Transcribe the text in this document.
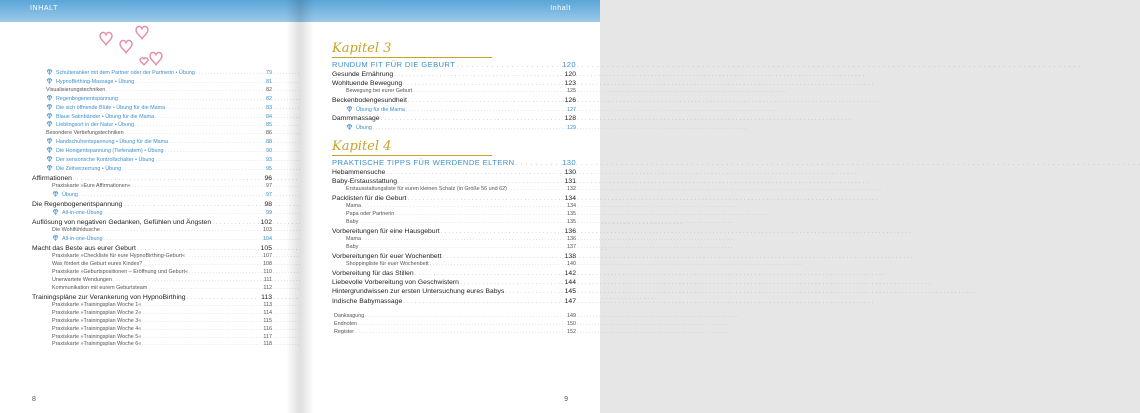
INHALT
Schulteranker mit dem Partner oder der Partnerin • Übung . . .	79
HypnoBirthing-Massage • Übung . . .	81
Visualisierungstechniken . . .	82
Regenbogenentspannung . . .	82
Die sich öffnende Blüte • Übung für die Mama . . .	83
Blaue Satinbänder • Übung für die Mama . . .	84
Lieblingsort in der Natur • Übung . . .	85
Besondere Vertiefungstechniken . . .	86
Handschuhentspannung • Übung für die Mama . . .	88
Die Honigentspannung (Tiefenatem) • Übung . . .	90
Der sensorische Kontrollschalter • Übung . . .	93
Die Zeitverzerrung • Übung . . .	95
Affirmationen . . .	96
Praxiskarte »Eure Affirmationen« . . .	97
Übung . . .	97
Die Regenbogenentspannung . . .	98
All-in-one-Übung . . .	99
Auflösung von negativen Gedanken, Gefühlen und Ängsten . . .	102
Die Wohlfühldusche . . .	103
All-in-one-Übung . . .	104
Macht das Beste aus eurer Geburt . . .	105
Praxiskarte »Checkliste für eure HypnoBirthing-Geburt« . . .	107
Was fördert die Geburt eures Kindes? . . .	108
Praxiskarte »Geburtspositionen – Eröffnung und Geburt« . . .	110
Unerwartete Wendungen . . .	111
Kommunikation mit eurem Geburtsteam . . .	112
Trainingspläne zur Verankerung von HypnoBirthing . . .	113
Praxiskarte »Trainingsplan Woche 1« . . .	113
Praxiskarte »Trainingsplan Woche 2« . . .	114
Praxiskarte »Trainingsplan Woche 3« . . .	115
Praxiskarte »Trainingsplan Woche 4« . . .	116
Praxiskarte »Trainingsplan Woche 5« . . .	117
Praxiskarte »Trainingsplan Woche 6« . . .	118
8
Inhalt
Kapitel 3
RUNDUM FIT FÜR DIE GEBURT . . .	120
Gesunde Ernährung . . .	120
Wohltuende Bewegung . . .	123
Bewegung bei eurer Geburt . . .	125
Beckenbodengesundheit . . .	126
Übung für die Mama . . .	127
Dammmassage . . .	128
Übung . . .	129
Kapitel 4
PRAKTISCHE TIPPS FÜR WERDENDE ELTERN . . .	130
Hebammensuche . . .	130
Baby-Erstausstattung . . .	131
Erstausstattungsliste für euren kleinen Schatz (in Größe 56 und 62) . . .	132
Packlisten für die Geburt . . .	134
Mama . . .	134
Papa oder Partnerin . . .	135
Baby . . .	135
Vorbereitungen für eine Hausgeburt . . .	136
Mama . . .	136
Baby . . .	137
Vorbereitungen für euer Wochenbett . . .	138
Shoppingliste für euer Wochenbett . . .	140
Vorbereitung für das Stillen . . .	142
Liebevolle Vorbereitung von Geschwistern . . .	144
Hintergrundwissen zur ersten Untersuchung eures Babys . . .	145
Indische Babymassage . . .	147
Danksagung . . .	149
Endnoten . . .	150
Register . . .	152
9
